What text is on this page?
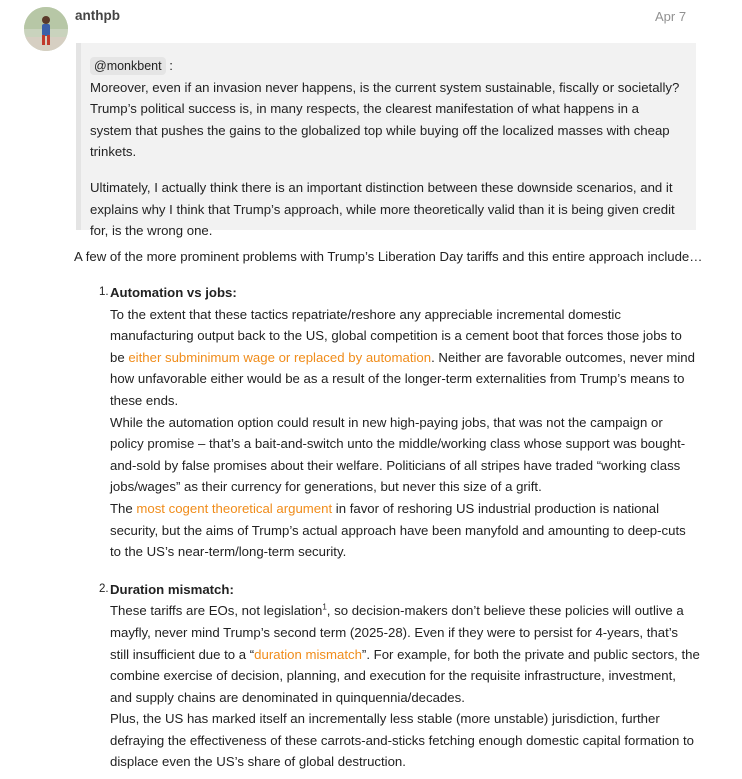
anthpb	Apr 7
@monkbent :

Moreover, even if an invasion never happens, is the current system sustainable, fiscally or societally? Trump’s political success is, in many respects, the clearest manifestation of what happens in a system that pushes the gains to the globalized top while buying off the localized masses with cheap trinkets.

Ultimately, I actually think there is an important distinction between these downside scenarios, and it explains why I think that Trump’s approach, while more theoretically valid than it is being given credit for, is the wrong one.

A few of the more prominent problems with Trump’s Liberation Day tariffs and this entire approach include…

1. Automation vs jobs:

To the extent that these tactics repatriate/reshore any appreciable incremental domestic manufacturing output back to the US, global competition is a cement boot that forces those jobs to be either subminimum wage or replaced by automation. Neither are favorable outcomes, never mind how unfavorable either would be as a result of the longer-term externalities from Trump’s means to these ends.

While the automation option could result in new high-paying jobs, that was not the campaign or policy promise – that’s a bait-and-switch unto the middle/working class whose support was bought-and-sold by false promises about their welfare. Politicians of all stripes have traded “working class jobs/wages” as their currency for generations, but never this size of a grift.

The most cogent theoretical argument in favor of reshoring US industrial production is national security, but the aims of Trump’s actual approach have been manyfold and amounting to deep-cuts to the US’s near-term/long-term security.

2. Duration mismatch:

These tariffs are EOs, not legislation$^1$, so decision-makers don’t believe these policies will outlive a mayfly, never mind Trump’s second term (2025-28). Even if they were to persist for 4-years, that’s still insufficient due to a “duration mismatch”. For example, for both the private and public sectors, the combine exercise of decision, planning, and execution for the requisite infrastructure, investment, and supply chains are denominated in quinquennia/decades.

Plus, the US has marked itself an incrementally less stable (more unstable) jurisdiction, further defraying the effectiveness of these carrots-and-sticks fetching enough domestic capital formation to displace even the US’s share of global destruction.
